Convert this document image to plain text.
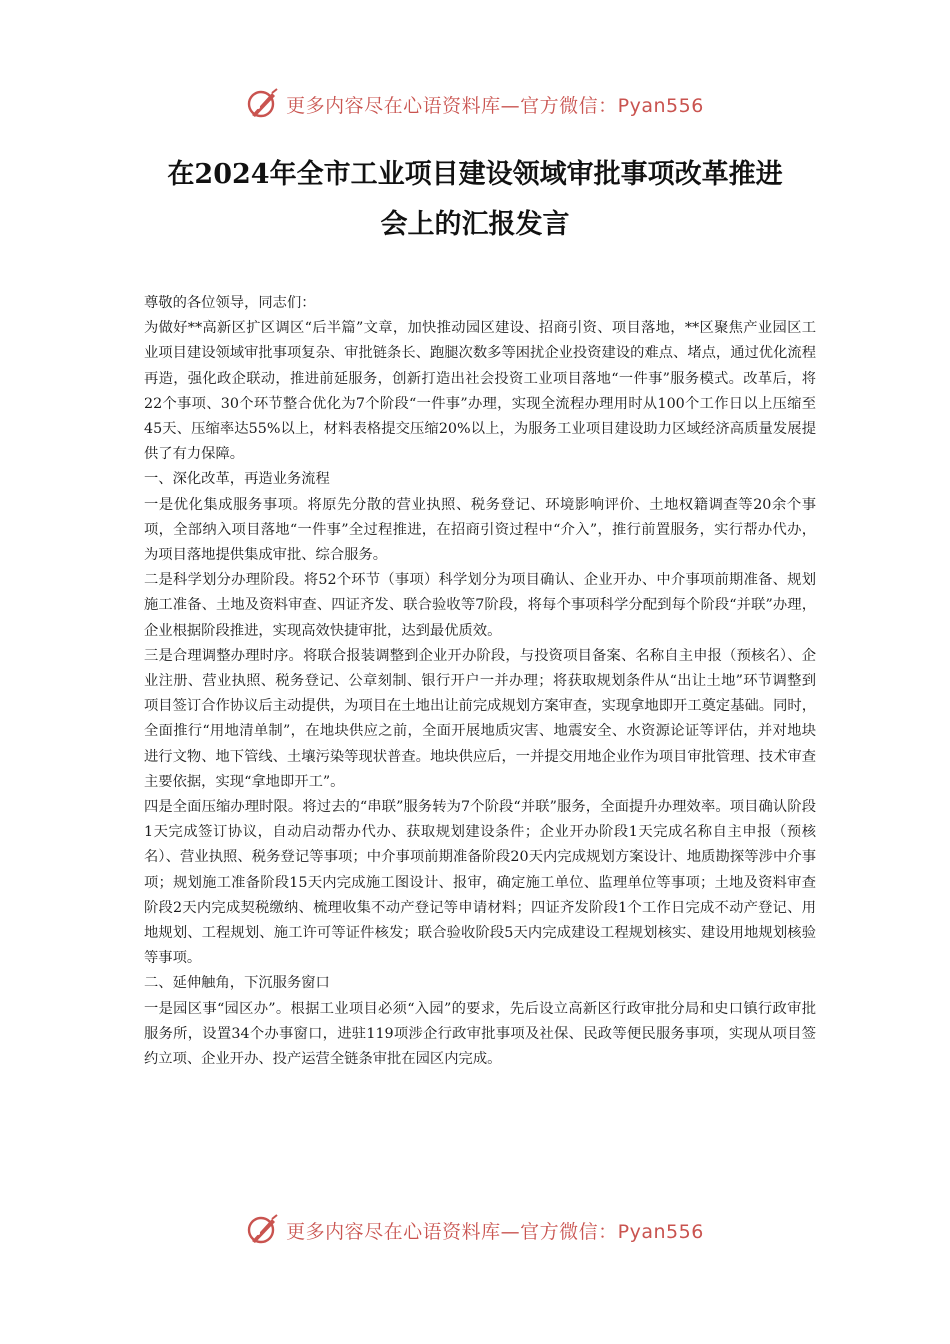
更多内容尽在心语资料库—官方微信：Pyan556
在2024年全市工业项目建设领域审批事项改革推进
会上的汇报发言

尊敬的各位领导，同志们：

为做好**高新区扩区调区“后半篇”文章，加快推动园区建设、招商引资、项目落地，**区聚焦产业园区工业项目建设领域审批事项复杂、审批链条长、跑腿次数多等困扰企业投资建设的难点、堵点，通过优化流程再造，强化政企联动，推进前延服务，创新打造出社会投资工业项目落地“一件事”服务模式。改革后，将22个事项、30个环节整合优化为7个阶段“一件事”办理，实现全流程办理用时从100个工作日以上压缩至45天、压缩率达55%以上，材料表格提交压缩20%以上，为服务工业项目建设助力区域经济高质量发展提供了有力保障。

一、深化改革，再造业务流程

一是优化集成服务事项。将原先分散的营业执照、税务登记、环境影响评价、土地权籍调查等20余个事项，全部纳入项目落地“一件事”全过程推进，在招商引资过程中“介入”，推行前置服务，实行帮办代办，为项目落地提供集成审批、综合服务。

二是科学划分办理阶段。将52个环节（事项）科学划分为项目确认、企业开办、中介事项前期准备、规划施工准备、土地及资料审查、四证齐发、联合验收等7阶段，将每个事项科学分配到每个阶段“并联”办理，企业根据阶段推进，实现高效快捷审批，达到最优质效。

三是合理调整办理时序。将联合报装调整到企业开办阶段，与投资项目备案、名称自主申报（预核名）、企业注册、营业执照、税务登记、公章刻制、银行开户一并办理；将获取规划条件从“出让土地”环节调整到项目签订合作协议后主动提供，为项目在土地出让前完成规划方案审查，实现拿地即开工奠定基础。同时，全面推行“用地清单制”，在地块供应之前，全面开展地质灾害、地震安全、水资源论证等评估，并对地块进行文物、地下管线、土壤污染等现状普查。地块供应后，一并提交用地企业作为项目审批管理、技术审查主要依据，实现“拿地即开工”。

四是全面压缩办理时限。将过去的“串联”服务转为7个阶段“并联”服务，全面提升办理效率。项目确认阶段1天完成签订协议，自动启动帮办代办、获取规划建设条件；企业开办阶段1天完成名称自主申报（预核名）、营业执照、税务登记等事项；中介事项前期准备阶段20天内完成规划方案设计、地质勘探等涉中介事项；规划施工准备阶段15天内完成施工图设计、报审，确定施工单位、监理单位等事项；土地及资料审查阶段2天内完成契税缴纳、梳理收集不动产登记等申请材料；四证齐发阶段1个工作日完成不动产登记、用地规划、工程规划、施工许可等证件核发；联合验收阶段5天内完成建设工程规划核实、建设用地规划核验等事项。

二、延伸触角，下沉服务窗口

一是园区事“园区办”。根据工业项目必须“入园”的要求，先后设立高新区行政审批分局和史口镇行政审批服务所，设置34个办事窗口，进驻119项涉企行政审批事项及社保、民政等便民服务事项，实现从项目签约立项、企业开办、投产运营全链条审批在园区内完成。

更多内容尽在心语资料库—官方微信：Pyan556
